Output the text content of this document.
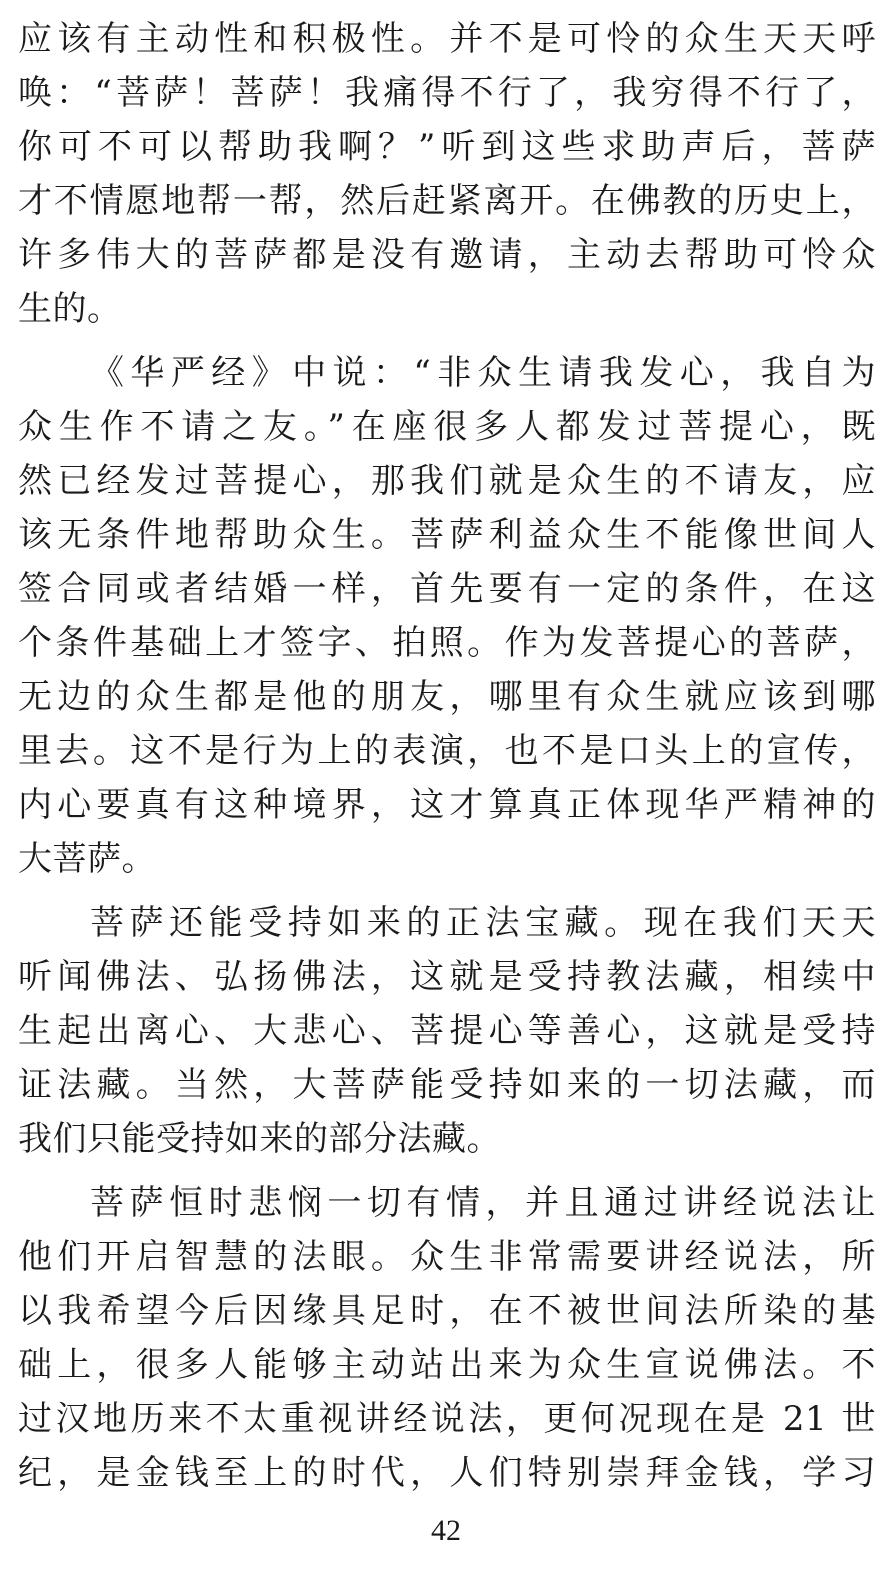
应该有主动性和积极性。并不是可怜的众生天天呼
唤：“菩萨！菩萨！我痛得不行了，我穷得不行了，
你可不可以帮助我啊？”听到这些求助声后，菩萨
才不情愿地帮一帮，然后赶紧离开。在佛教的历史上，
许多伟大的菩萨都是没有邀请，主动去帮助可怜众
生的。
《华严经》中说：“非众生请我发心，我自为
众生作不请之友。”在座很多人都发过菩提心，既
然已经发过菩提心，那我们就是众生的不请友，应
该无条件地帮助众生。菩萨利益众生不能像世间人
签合同或者结婚一样，首先要有一定的条件，在这
个条件基础上才签字、拍照。作为发菩提心的菩萨，
无边的众生都是他的朋友，哪里有众生就应该到哪
里去。这不是行为上的表演，也不是口头上的宣传，
内心要真有这种境界，这才算真正体现华严精神的
大菩萨。
菩萨还能受持如来的正法宝藏。现在我们天天
听闻佛法、弘扬佛法，这就是受持教法藏，相续中
生起出离心、大悲心、菩提心等善心，这就是受持
证法藏。当然，大菩萨能受持如来的一切法藏，而
我们只能受持如来的部分法藏。
菩萨恒时悲悯一切有情，并且通过讲经说法让
他们开启智慧的法眼。众生非常需要讲经说法，所
以我希望今后因缘具足时，在不被世间法所染的基
础上，很多人能够主动站出来为众生宣说佛法。不
过汉地历来不太重视讲经说法，更何况现在是 21 世
纪，是金钱至上的时代，人们特别崇拜金钱，学习
42
